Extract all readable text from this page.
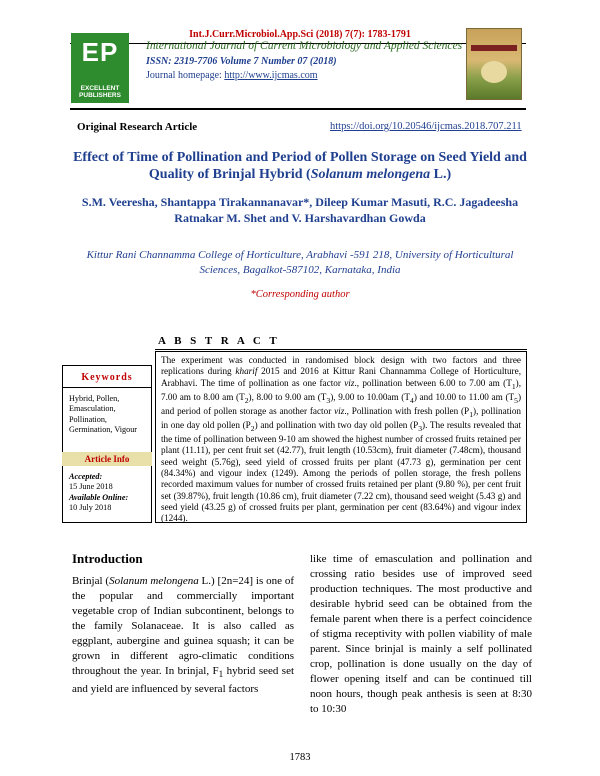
Int.J.Curr.Microbiol.App.Sci (2018) 7(7): 1783-1791
EP
EXCELLENT PUBLISHERS
International Journal of Current Microbiology and Applied Sciences
ISSN: 2319-7706 Volume 7 Number 07 (2018)
Journal homepage: http://www.ijcmas.com
Original Research Article	https://doi.org/10.20546/ijcmas.2018.707.211
Effect of Time of Pollination and Period of Pollen Storage on Seed Yield and Quality of Brinjal Hybrid (Solanum melongena L.)
S.M. Veeresha, Shantappa Tirakannanavar*, Dileep Kumar Masuti, R.C. Jagadeesha
Ratnakar M. Shet and V. Harshavardhan Gowda
Kittur Rani Channamma College of Horticulture, Arabhavi -591 218, University of Horticultural Sciences, Bagalkot-587102, Karnataka, India
*Corresponding author
A B S T R A C T
Keywords
Hybrid, Pollen, Emasculation, Pollination, Germination, Vigour
Article Info
Accepted:
15 June 2018
Available Online:
10 July 2018
The experiment was conducted in randomised block design with two factors and three replications during kharif 2015 and 2016 at Kittur Rani Channamma College of Horticulture, Arabhavi. The time of pollination as one factor viz., pollination between 6.00 to 7.00 am $(T_1)$, 7.00 am to 8.00 am $(T_2)$, 8.00 to 9.00 am $(T_3)$, 9.00 to 10.00am $(T_4)$ and 10.00 to 11.00 am $(T_5)$ and period of pollen storage as another factor viz., Pollination with fresh pollen $(P_1)$, pollination in one day old pollen $(P_2)$ and pollination with two day old pollen $(P_3)$. The results revealed that the time of pollination between 9-10 am showed the highest number of crossed fruits retained per plant (11.11), per cent fruit set (42.77), fruit length (10.53cm), fruit diameter (7.48cm), thousand seed weight (5.76g), seed yield of crossed fruits per plant (47.73 g), germination per cent (84.34%) and vigour index (1249). Among the periods of pollen storage, the fresh pollens recorded maximum values for number of crossed fruits retained per plant (9.80 %), per cent fruit set (39.87%), fruit length (10.86 cm), fruit diameter (7.22 cm), thousand seed weight (5.43 g) and seed yield (43.25 g) of crossed fruits per plant, germination per cent (83.64%) and vigour index (1244).
Introduction
Brinjal (Solanum melongena L.) [2n=24] is one of the popular and commercially important vegetable crop of Indian subcontinent, belongs to the family Solanaceae. It is also called as eggplant, aubergine and guinea squash; it can be grown in different agro-climatic conditions throughout the year. In brinjal, $F_1$ hybrid seed set and yield are influenced by several factors
like time of emasculation and pollination and crossing ratio besides use of improved seed production techniques. The most productive and desirable hybrid seed can be obtained from the female parent when there is a perfect coincidence of stigma receptivity with pollen viability of male parent. Since brinjal is mainly a self pollinated crop, pollination is done usually on the day of flower opening itself and can be continued till noon hours, though peak anthesis is seen at 8:30 to 10:30
1783
